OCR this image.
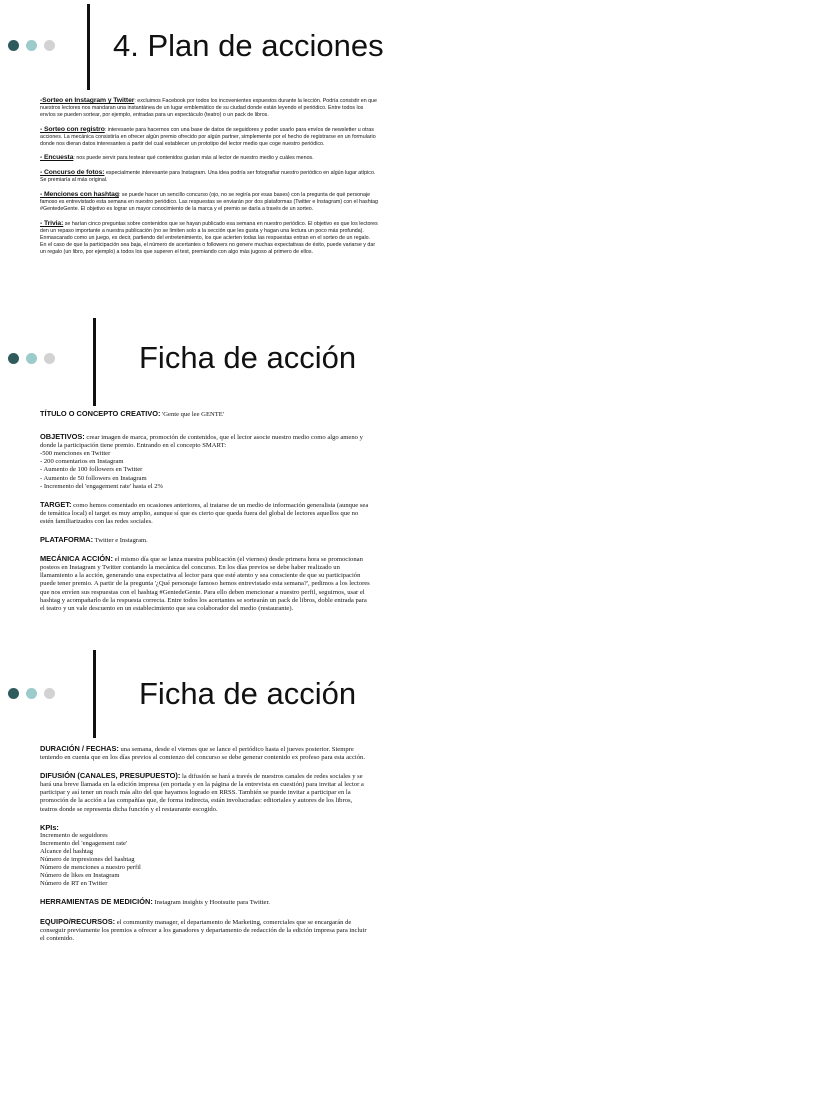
4. Plan de acciones

-Sorteo en Instagram y Twitter: excluimos Facebook por todos los incovenientes expuestos durante la lección. Podría consistir en que nuestros lectores nos mandaran una instantánea de un lugar emblemático de su ciudad donde están leyendo el periódico. Entre todos los envíos se pueden sortear, por ejemplo, entradas para un espectáculo (teatro) o un pack de libros.

- Sorteo con registro: interesante para hacernos con una base de datos de seguidores y poder usarlo para envíos de newsletter u otras acciones. La mecánica consistiría en ofrecer algún premio ofrecido por algún partner, simplemente por el hecho de registrarse en un formulario donde nos dieran datos interesantes a partir del cual establecer un prototipo del lector medio que coge nuestro periódico.

- Encuesta: nos puede servir para testear qué contenidos gustan más al lector de nuestro medio y cuáles menos.

- Concurso de fotos: especialmente interesante para Instagram. Una idea podría ser fotografiar nuestro periódico en algún lugar atípico. Se premiaría al más original.

- Menciones con hashtag: se puede hacer un sencillo concurso (ojo, no se regiría por esas bases) con la pregunta de qué personaje famoso es entrevistado esta semana en nuestro periódico. Las respuestas se enviarán por dos plataformas (Twitter e Instagram) con el hashtag #GentedeGente. El objetivo es lograr un mayor conocimiento de la marca y el premio se daría a través de un sorteo.

- Trivia: se harían cinco preguntas sobre contenidos que se hayan publicado esa semana en nuestro periódico. El objetivo es que los lectores den un repaso importante a nuestra publicación (no se limiten solo a la sección que les gusta y hagan una lectura un poco más profunda). Enmascarado como un juego, es decir, partiendo del entretenimiento, los que acierten todas las respuestas entran en el sorteo de un regalo. En el caso de que la participación sea baja, el número de acertantes o followers no genere muchas expectativas de éxito, puede variarse y dar un regalo (un libro, por ejemplo) a todos los que superen el test, premiando con algo más jugoso al primero de ellos.

Ficha de acción

TÍTULO O CONCEPTO CREATIVO: 'Gente que lee GENTE'

OBJETIVOS: crear imagen de marca, promoción de contenidos, que el lector asocie nuestro medio como algo ameno y donde la participación tiene premio. Entrando en el concepto SMART:
-500 menciones en Twitter
- 200 comentarios en Instagram
- Aumento de 100 followers en Twitter
- Aumento de 50 followers en Instagram
- Incremento del 'engagement rate' hasta el 2%

TARGET: como hemos comentado en ocasiones anteriores, al tratarse de un medio de información generalista (aunque sea de temática local) el target es muy amplio, aunque sí que es cierto que queda fuera del global de lectores aquellos que no estén familiarizados con las redes sociales.

PLATAFORMA: Twitter e Instagram.

MECÁNICA ACCIÓN: el mismo día que se lanza nuestra publicación (el viernes) desde primera hora se promocionan posteos en Instagram y Twitter contando la mecánica del concurso. En los días previos se debe haber realizado un llamamiento a la acción, generando una expectativa al lector para que esté atento y sea consciente de que su participación puede tener premio. A partir de la pregunta '¿Qué personaje famoso hemos entrevistado esta semana?', pedimos a los lectores que nos envíen sus respuestas con el hashtag #GentedeGente. Para ello deben mencionar a nuestro perfil, seguirnos, usar el hashtag y acompañarlo de la respuesta correcta. Entre todos los acertantes se sortearán un pack de libros, doble entrada para el teatro y un vale descuento en un establecimiento que sea colaborador del medio (restaurante).

Ficha de acción

DURACIÓN / FECHAS: una semana, desde el viernes que se lance el periódico hasta el jueves posterior. Siempre teniendo en cuenta que en los días previos al comienzo del concurso se debe generar contenido ex profeso para esta acción.

DIFUSIÓN (CANALES, PRESUPUESTO): la difusión se hará a través de nuestros canales de redes sociales y se hará una breve llamada en la edición impresa (en portada y en la página de la entrevista en cuestión) para invitar al lector a participar y así tener un reach más alto del que hayamos logrado en RRSS. También se puede invitar a participar en la promoción de la acción a las compañías que, de forma indirecta, están involucradas: editoriales y autores de los libros, teatros donde se representa dicha función y el restaurante escogido.

KPIs:
Incremento de seguidores
Incremento del 'engagement rate'
Alcance del hashtag
Número de impresiones del hashtag
Número de menciones a nuestro perfil
Número de likes en Instagram
Número de RT en Twitter

HERRAMIENTAS DE MEDICIÓN: Instagram insights y Hootsuite para Twitter.

EQUIPO/RECURSOS: el community manager, el departamento de Marketing, comerciales que se encargarán de conseguir previamente los premios a ofrecer a los ganadores y departamento de redacción de la edición impresa para incluir el contenido.
